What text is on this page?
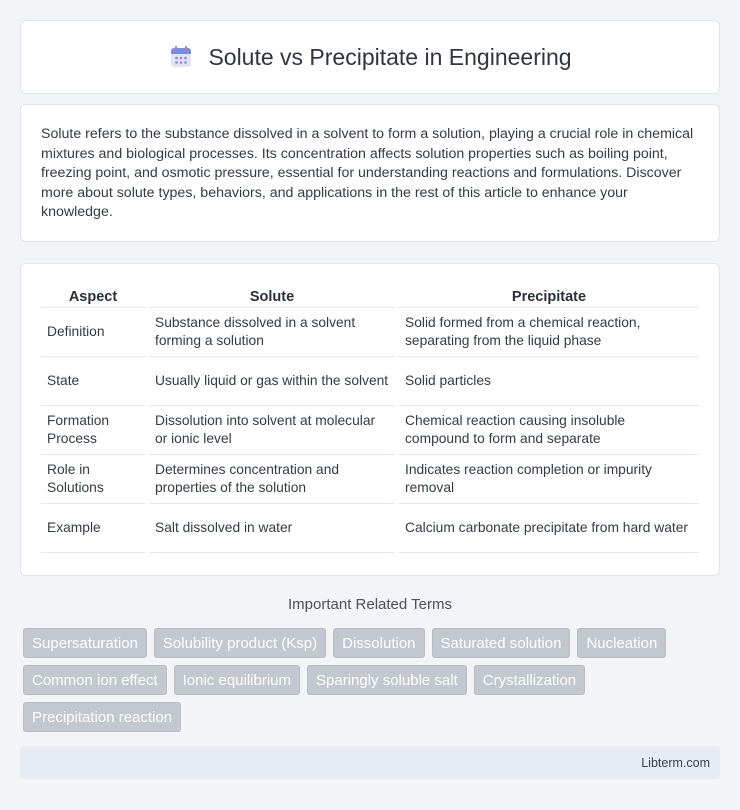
Solute vs Precipitate in Engineering

Solute refers to the substance dissolved in a solvent to form a solution, playing a crucial role in chemical mixtures and biological processes. Its concentration affects solution properties such as boiling point, freezing point, and osmotic pressure, essential for understanding reactions and formulations. Discover more about solute types, behaviors, and applications in the rest of this article to enhance your knowledge.

Aspect	Solute	Precipitate
Definition	Substance dissolved in a solvent forming a solution	Solid formed from a chemical reaction, separating from the liquid phase
State	Usually liquid or gas within the solvent	Solid particles
Formation Process	Dissolution into solvent at molecular or ionic level	Chemical reaction causing insoluble compound to form and separate
Role in Solutions	Determines concentration and properties of the solution	Indicates reaction completion or impurity removal
Example	Salt dissolved in water	Calcium carbonate precipitate from hard water
Important Related Terms
Supersaturation	Solubility product (Ksp)	Dissolution	Saturated solution	Nucleation
Common ion effect	Ionic equilibrium	Sparingly soluble salt	Crystallization
Precipitation reaction
Libterm.com
